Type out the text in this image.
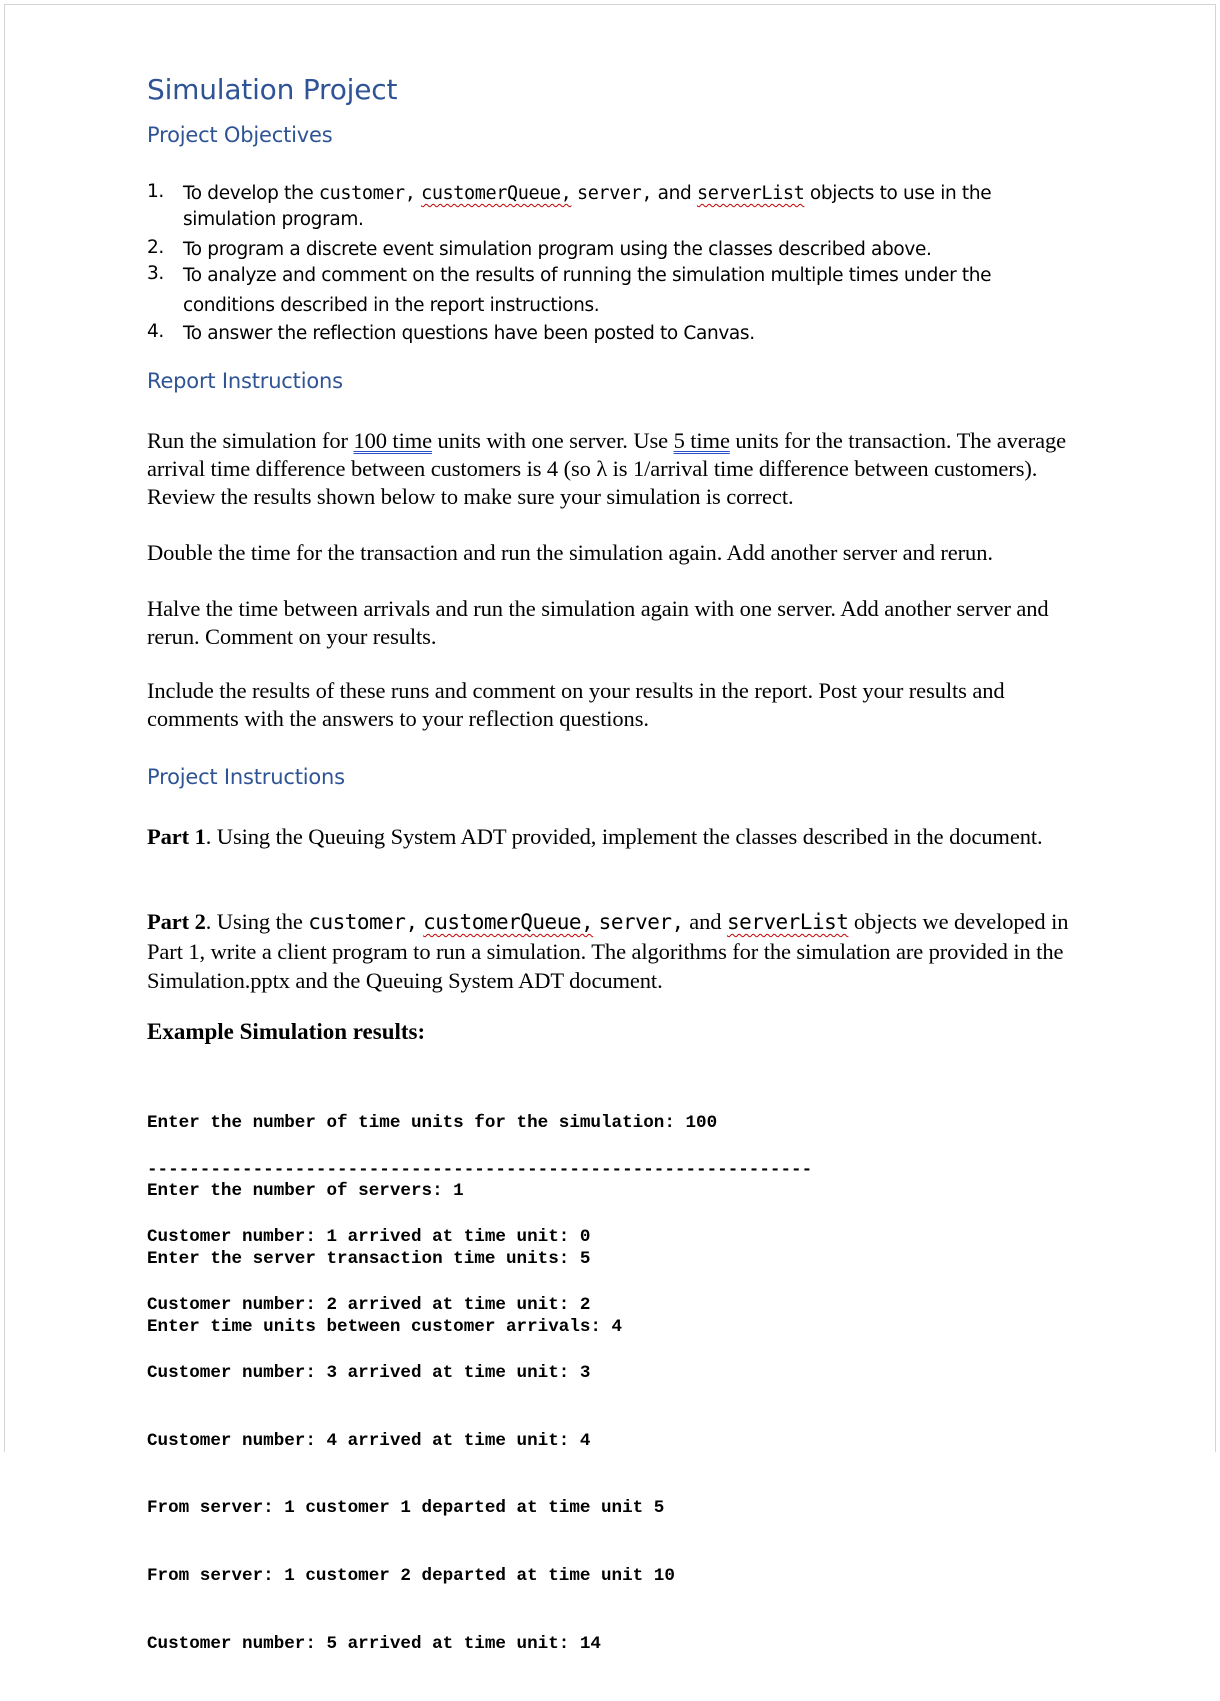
Simulation Project
Project Objectives
1.	To develop the customer, customerQueue, server, and serverList objects to use in the simulation program.
2.	To program a discrete event simulation program using the classes described above.
3.	To analyze and comment on the results of running the simulation multiple times under the conditions described in the report instructions.
4.	To answer the reflection questions have been posted to Canvas.
Report Instructions
Run the simulation for 100 time units with one server. Use 5 time units for the transaction. The average arrival time difference between customers is 4 (so λ is 1/arrival time difference between customers). Review the results shown below to make sure your simulation is correct.
Double the time for the transaction and run the simulation again. Add another server and rerun.
Halve the time between arrivals and run the simulation again with one server. Add another server and rerun. Comment on your results.
Include the results of these runs and comment on your results in the report. Post your results and comments with the answers to your reflection questions.
Project Instructions
Part 1. Using the Queuing System ADT provided, implement the classes described in the document.
Part 2. Using the customer, customerQueue, server, and serverList objects we developed in Part 1, write a client program to run a simulation. The algorithms for the simulation are provided in the Simulation.pptx and the Queuing System ADT document.
Example Simulation results:

Enter the number of time units for the simulation: 100

Enter the number of servers: 1

Enter the server transaction time units: 5

Enter time units between customer arrivals: 4

---------------------------------------------------------------

Customer number: 1 arrived at time unit: 0

Customer number: 2 arrived at time unit: 2

Customer number: 3 arrived at time unit: 3

Customer number: 4 arrived at time unit: 4

From server: 1 customer 1 departed at time unit 5

From server: 1 customer 2 departed at time unit 10

Customer number: 5 arrived at time unit: 14
